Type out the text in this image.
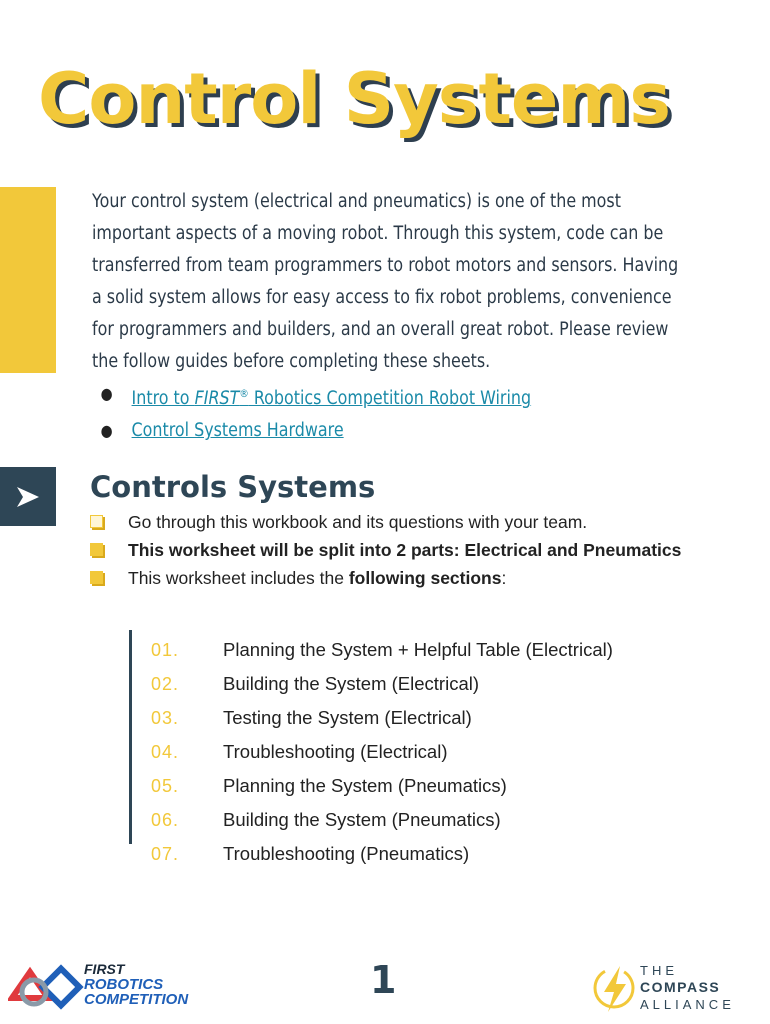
Control Systems
Your control system (electrical and pneumatics) is one of the most important aspects of a moving robot. Through this system, code can be transferred from team programmers to robot motors and sensors. Having a solid system allows for easy access to fix robot problems, convenience for programmers and builders, and an overall great robot. Please review the follow guides before completing these sheets.
● Intro to FIRST® Robotics Competition Robot Wiring
● Control Systems Hardware
Controls Systems
Go through this workbook and its questions with your team.
This worksheet will be split into 2 parts: Electrical and Pneumatics
This worksheet includes the following sections:
01.	Planning the System + Helpful Table (Electrical)
02.	Building the System (Electrical)
03.	Testing the System (Electrical)
04.	Troubleshooting (Electrical)
05.	Planning the System (Pneumatics)
06.	Building the System (Pneumatics)
07.	Troubleshooting (Pneumatics)
FIRST
ROBOTICS
COMPETITION	1	THE
COMPASS
ALLIANCE
